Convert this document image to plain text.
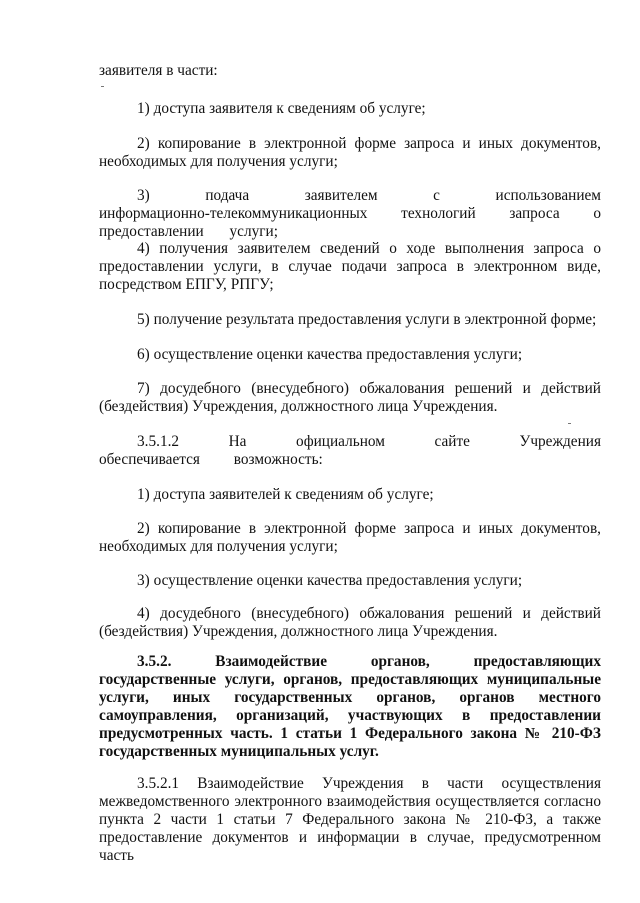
заявителя в части:

1) доступа заявителя к сведениям об услуге;

2) копирование в электронной форме запроса и иных документов, необходимых для получения услуги;

3) подача заявителем с использованием информационно-телекоммуникационных технологий запроса о предоставлении услуги;

4) получения заявителем сведений о ходе выполнения запроса о предоставлении услуги, в случае подачи запроса в электронном виде, посредством ЕПГУ, РПГУ;

5) получение результата предоставления услуги в электронной форме;

6) осуществление оценки качества предоставления услуги;

7) досудебного (внесудебного) обжалования решений и действий (бездействия) Учреждения, должностного лица Учреждения.

3.5.1.2 На официальном сайте Учреждения обеспечивается возможность:

1) доступа заявителей к сведениям об услуге;

2) копирование в электронной форме запроса и иных документов, необходимых для получения услуги;

3) осуществление оценки качества предоставления услуги;

4) досудебного (внесудебного) обжалования решений и действий (бездействия) Учреждения, должностного лица Учреждения.

3.5.2. Взаимодействие органов, предоставляющих государственные услуги, органов, предоставляющих муниципальные услуги, иных государственных органов, органов местного самоуправления, организаций, участвующих в предоставлении предусмотренных часть. 1 статьи 1 Федерального закона № 210-ФЗ государственных муниципальных услуг.

3.5.2.1 Взаимодействие Учреждения в части осуществления межведомственного электронного взаимодействия осуществляется согласно пункта 2 части 1 статьи 7 Федерального закона № 210-ФЗ, а также предоставление документов и информации в случае, предусмотренном часть
